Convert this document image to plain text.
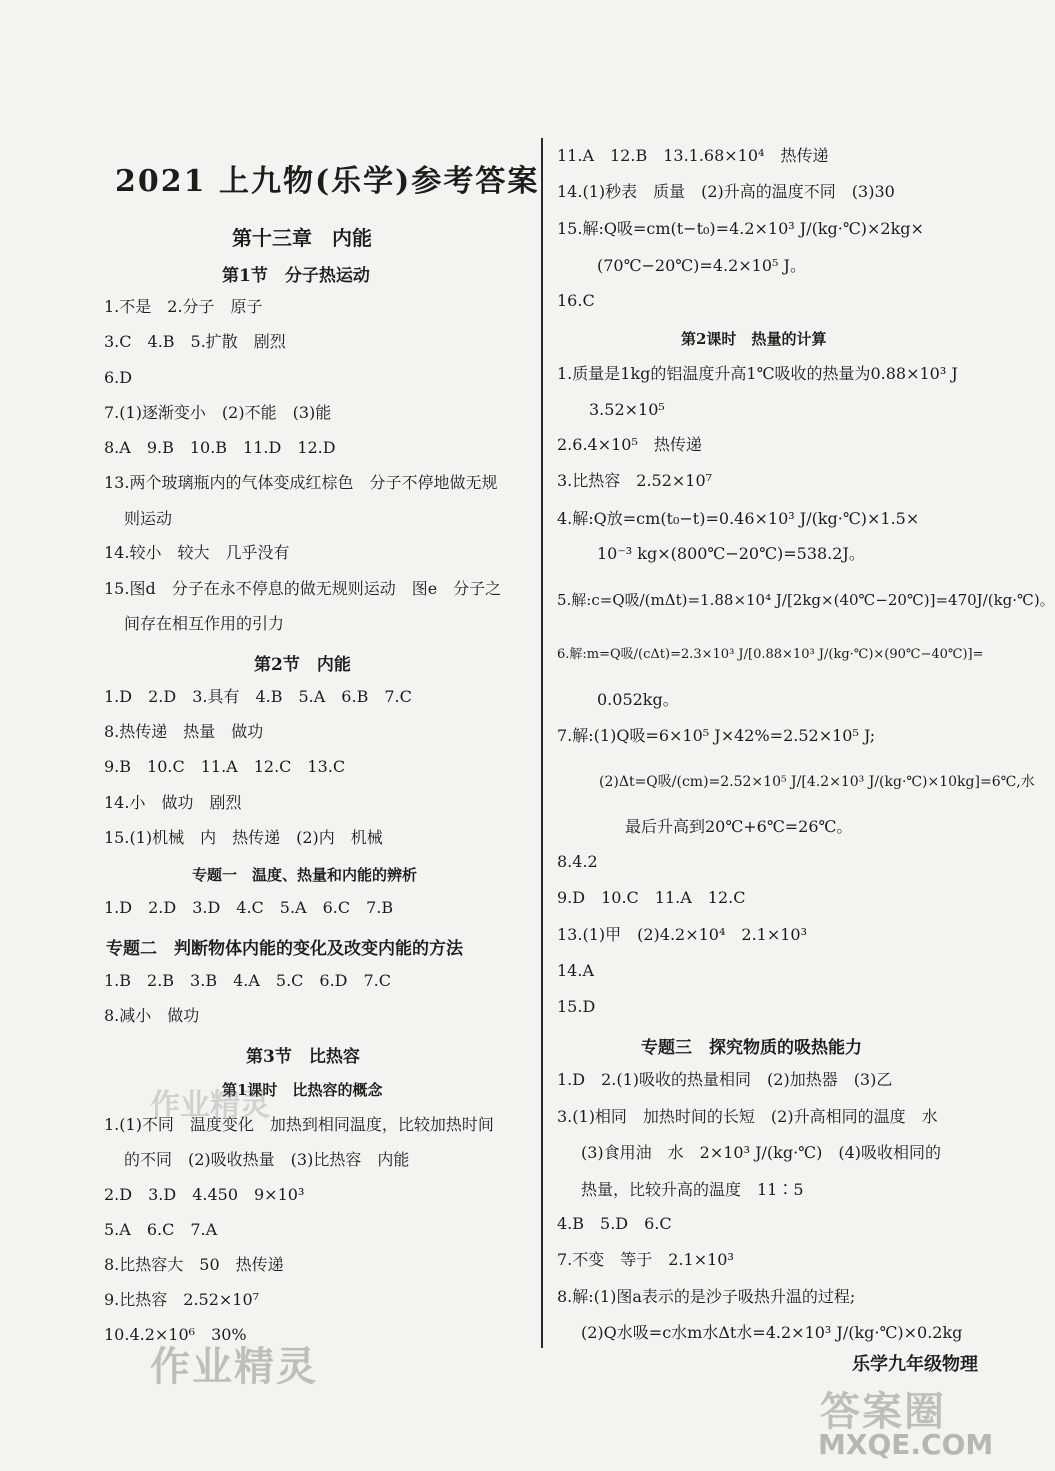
2021 上九物(乐学)参考答案
第十三章　内能
第1节　分子热运动
1.不是　2.分子　原子
3.C　4.B　5.扩散　剧烈
6.D
7.(1)逐渐变小　(2)不能　(3)能
8.A　9.B　10.B　11.D　12.D
13.两个玻璃瓶内的气体变成红棕色　分子不停地做无规
则运动
14.较小　较大　几乎没有
15.图d　分子在永不停息的做无规则运动　图e　分子之
间存在相互作用的引力
第2节　内能
1.D　2.D　3.具有　4.B　5.A　6.B　7.C
8.热传递　热量　做功
9.B　10.C　11.A　12.C　13.C
14.小　做功　剧烈
15.(1)机械　内　热传递　(2)内　机械
专题一　温度、热量和内能的辨析
1.D　2.D　3.D　4.C　5.A　6.C　7.B
专题二　判断物体内能的变化及改变内能的方法
1.B　2.B　3.B　4.A　5.C　6.D　7.C
8.减小　做功
第3节　比热容
第1课时　比热容的概念
1.(1)不同　温度变化　加热到相同温度，比较加热时间
的不同　(2)吸收热量　(3)比热容　内能
2.D　3.D　4.450　9×10³
5.A　6.C　7.A
8.比热容大　50　热传递
9.比热容　2.52×10⁷
10.4.2×10⁶　30%
11.A　12.B　13.1.68×10⁴　热传递
14.(1)秒表　质量　(2)升高的温度不同　(3)30
15.解:Q吸=cm(t−t₀)=4.2×10³ J/(kg·℃)×2kg×
(70℃−20℃)=4.2×10⁵ J。
16.C
第2课时　热量的计算
1.质量是1kg的铝温度升高1℃吸收的热量为0.88×10³ J
3.52×10⁵
2.6.4×10⁵　热传递
3.比热容　2.52×10⁷
4.解:Q放=cm(t₀−t)=0.46×10³ J/(kg·℃)×1.5×
10⁻³ kg×(800℃−20℃)=538.2J。
5.解:c=Q吸/(mΔt)=1.88×10⁴ J/[2kg×(40℃−20℃)]=470J/(kg·℃)。
6.解:m=Q吸/(cΔt)=2.3×10³ J/[0.88×10³ J/(kg·℃)×(90℃−40℃)]=
0.052kg。
7.解:(1)Q吸=6×10⁵ J×42%=2.52×10⁵ J;
(2)Δt=Q吸/(cm)=2.52×10⁵ J/[4.2×10³ J/(kg·℃)×10kg]=6℃,水
最后升高到20℃+6℃=26℃。
8.4.2
9.D　10.C　11.A　12.C
13.(1)甲　(2)4.2×10⁴　2.1×10³
14.A
15.D
专题三　探究物质的吸热能力
1.D　2.(1)吸收的热量相同　(2)加热器　(3)乙
3.(1)相同　加热时间的长短　(2)升高相同的温度　水
(3)食用油　水　2×10³ J/(kg·℃)　(4)吸收相同的
热量，比较升高的温度　11∶5
4.B　5.D　6.C
7.不变　等于　2.1×10³
8.解:(1)图a表示的是沙子吸热升温的过程;
(2)Q水吸=c水m水Δt水=4.2×10³ J/(kg·℃)×0.2kg
乐学九年级物理
作业精灵
作业精灵
答案圈
MXQE.COM
